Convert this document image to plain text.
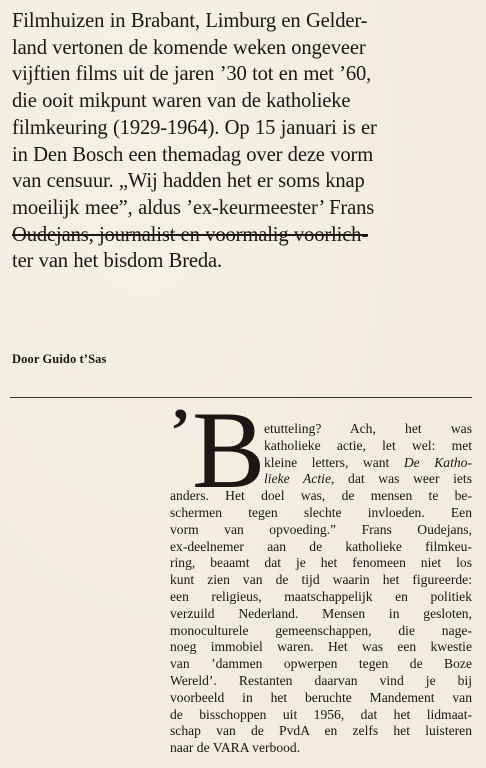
Filmhuizen in Brabant, Limburg en Gelder-
land vertonen de komende weken ongeveer
vijftien films uit de jaren ’30 tot en met ’60,
die ooit mikpunt waren van de katholieke
filmkeuring (1929-1964). Op 15 januari is er
in Den Bosch een themadag over deze vorm
van censuur. „Wij hadden het er soms knap
moeilijk mee”, aldus ’ex-keurmeester’ Frans
Oudejans, journalist en voormalig voorlich-
ter van het bisdom Breda.
Door Guido t’Sas
’ B
etutteling? Ach, het was
katholieke actie, let wel: met
kleine letters, want De Katho-
lieke Actie, dat was weer iets
anders. Het doel was, de mensen te be-
schermen tegen slechte invloeden. Een
vorm van opvoeding.” Frans Oudejans,
ex-deelnemer aan de katholieke filmkeu-
ring, beaamt dat je het fenomeen niet los
kunt zien van de tijd waarin het figureerde:
een religieus, maatschappelijk en politiek
verzuild Nederland. Mensen in gesloten,
monoculturele gemeenschappen, die nage-
noeg immobiel waren. Het was een kwestie
van ’dammen opwerpen tegen de Boze
Wereld’. Restanten daarvan vind je bij
voorbeeld in het beruchte Mandement van
de bisschoppen uit 1956, dat het lidmaat-
schap van de PvdA en zelfs het luisteren
naar de VARA verbood.
